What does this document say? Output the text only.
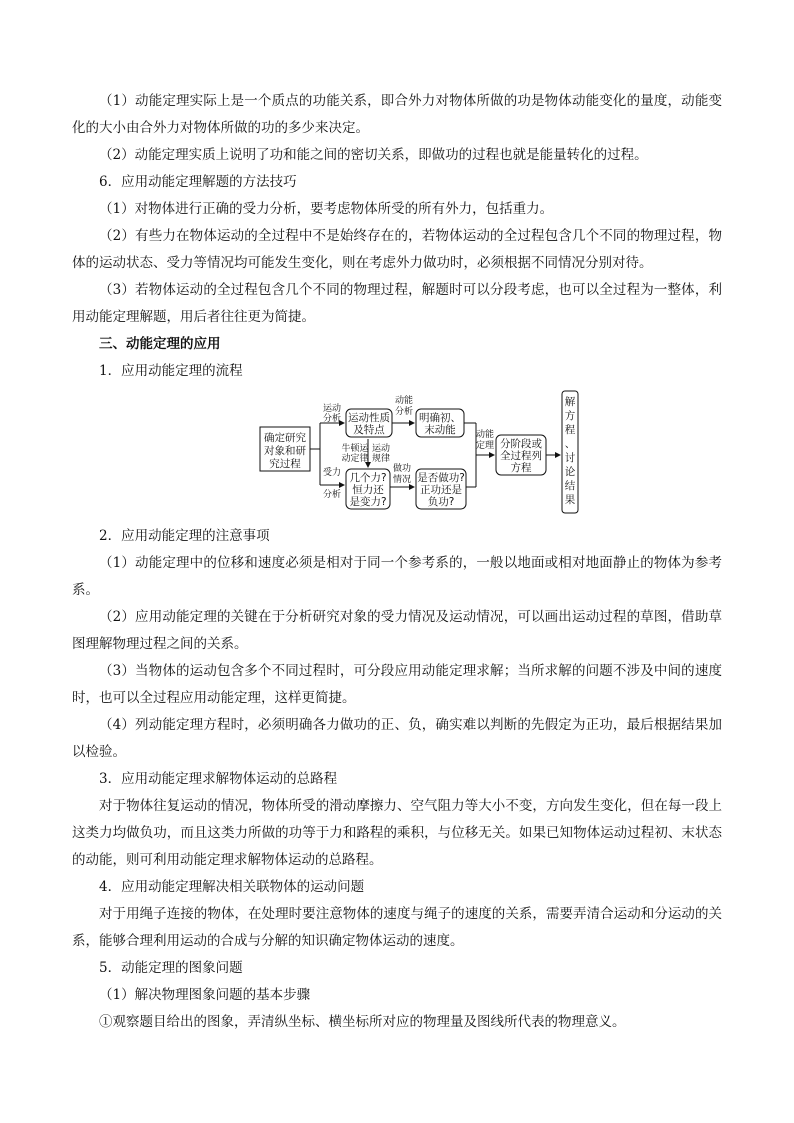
（1）动能定理实际上是一个质点的功能关系，即合外力对物体所做的功是物体动能变化的量度，动能变化的大小由合外力对物体所做的功的多少来决定。

（2）动能定理实质上说明了功和能之间的密切关系，即做功的过程也就是能量转化的过程。

6．应用动能定理解题的方法技巧

（1）对物体进行正确的受力分析，要考虑物体所受的所有外力，包括重力。

（2）有些力在物体运动的全过程中不是始终存在的，若物体运动的全过程包含几个不同的物理过程，物体的运动状态、受力等情况均可能发生变化，则在考虑外力做功时，必须根据不同情况分别对待。

（3）若物体运动的全过程包含几个不同的物理过程，解题时可以分段考虑，也可以全过程为一整体，利用动能定理解题，用后者往往更为简捷。

三、动能定理的应用

1．应用动能定理的流程

确定研究
对象和研
究过程
运动
分析
受力
分析
运动性质
及特点
几个力?
恒力还
是变力?
牛顿运
动定律
运动
规律
动能
分析
做功
情况
明确初、
末动能
是否做功?
正功还是
负功?
动能
定理 分阶段或
全过程列
方程
解
方
程
、
讨
论
结
果

2．应用动能定理的注意事项

（1）动能定理中的位移和速度必须是相对于同一个参考系的，一般以地面或相对地面静止的物体为参考系。

（2）应用动能定理的关键在于分析研究对象的受力情况及运动情况，可以画出运动过程的草图，借助草图理解物理过程之间的关系。

（3）当物体的运动包含多个不同过程时，可分段应用动能定理求解；当所求解的问题不涉及中间的速度时，也可以全过程应用动能定理，这样更简捷。

（4）列动能定理方程时，必须明确各力做功的正、负，确实难以判断的先假定为正功，最后根据结果加以检验。

3．应用动能定理求解物体运动的总路程

对于物体往复运动的情况，物体所受的滑动摩擦力、空气阻力等大小不变，方向发生变化，但在每一段上这类力均做负功，而且这类力所做的功等于力和路程的乘积，与位移无关。如果已知物体运动过程初、末状态的动能，则可利用动能定理求解物体运动的总路程。

4．应用动能定理解决相关联物体的运动问题

对于用绳子连接的物体，在处理时要注意物体的速度与绳子的速度的关系，需要弄清合运动和分运动的关系，能够合理利用运动的合成与分解的知识确定物体运动的速度。

5．动能定理的图象问题

（1）解决物理图象问题的基本步骤

①观察题目给出的图象，弄清纵坐标、横坐标所对应的物理量及图线所代表的物理意义。
